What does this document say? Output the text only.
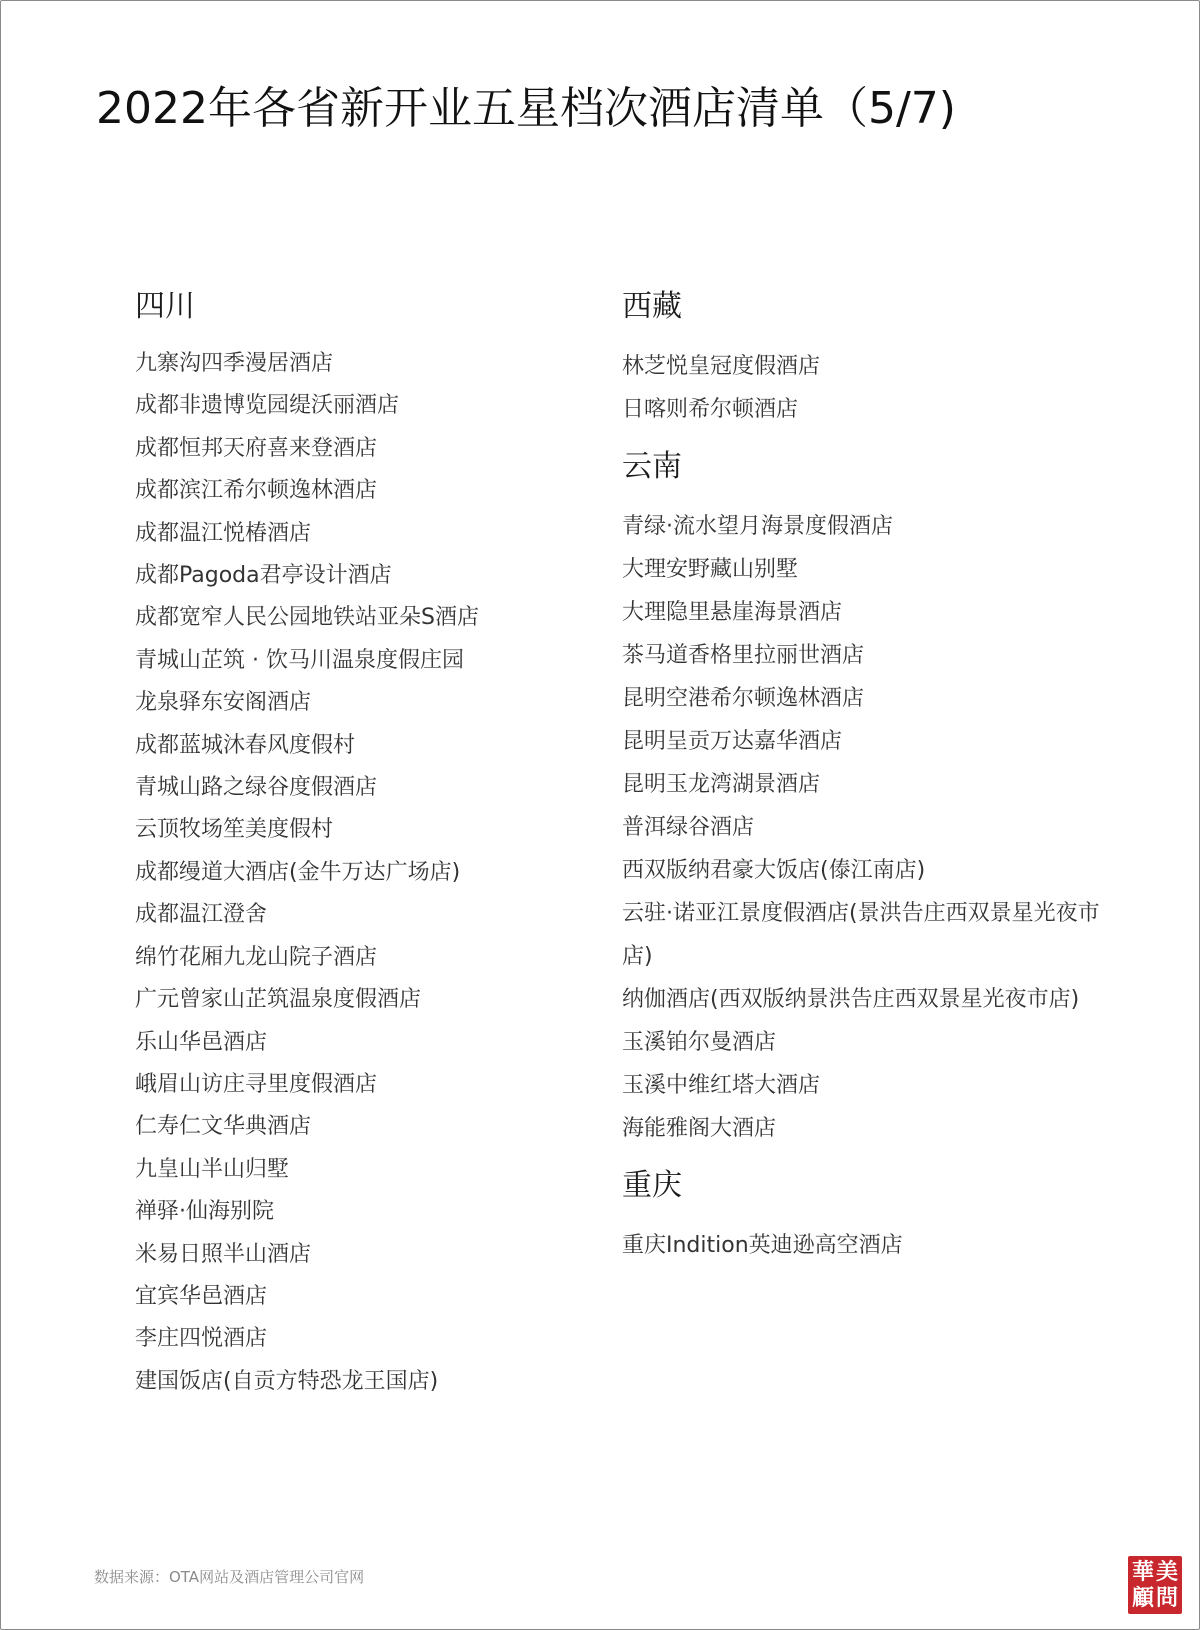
2022年各省新开业五星档次酒店清单（5/7)
四川
九寨沟四季漫居酒店
成都非遗博览园缇沃丽酒店
成都恒邦天府喜来登酒店
成都滨江希尔顿逸林酒店
成都温江悦椿酒店
成都Pagoda君亭设计酒店
成都宽窄人民公园地铁站亚朵S酒店
青城山芷筑 · 饮马川温泉度假庄园
龙泉驿东安阁酒店
成都蓝城沐春风度假村
青城山路之绿谷度假酒店
云顶牧场笙美度假村
成都缦道大酒店(金牛万达广场店)
成都温江澄舍
绵竹花厢九龙山院子酒店
广元曾家山芷筑温泉度假酒店
乐山华邑酒店
峨眉山访庄寻里度假酒店
仁寿仁文华典酒店
九皇山半山归墅
禅驿·仙海别院
米易日照半山酒店
宜宾华邑酒店
李庄四悦酒店
建国饭店(自贡方特恐龙王国店)
西藏
林芝悦皇冠度假酒店
日喀则希尔顿酒店
云南
青绿·流水望月海景度假酒店
大理安野藏山别墅
大理隐里悬崖海景酒店
茶马道香格里拉丽世酒店
昆明空港希尔顿逸林酒店
昆明呈贡万达嘉华酒店
昆明玉龙湾湖景酒店
普洱绿谷酒店
西双版纳君豪大饭店(傣江南店)
云驻·诺亚江景度假酒店(景洪告庄西双景星光夜市店)
纳伽酒店(西双版纳景洪告庄西双景星光夜市店)
玉溪铂尔曼酒店
玉溪中维红塔大酒店
海能雅阁大酒店
重庆
重庆Indition英迪逊高空酒店
数据来源：OTA网站及酒店管理公司官网	華 美
顧 問
